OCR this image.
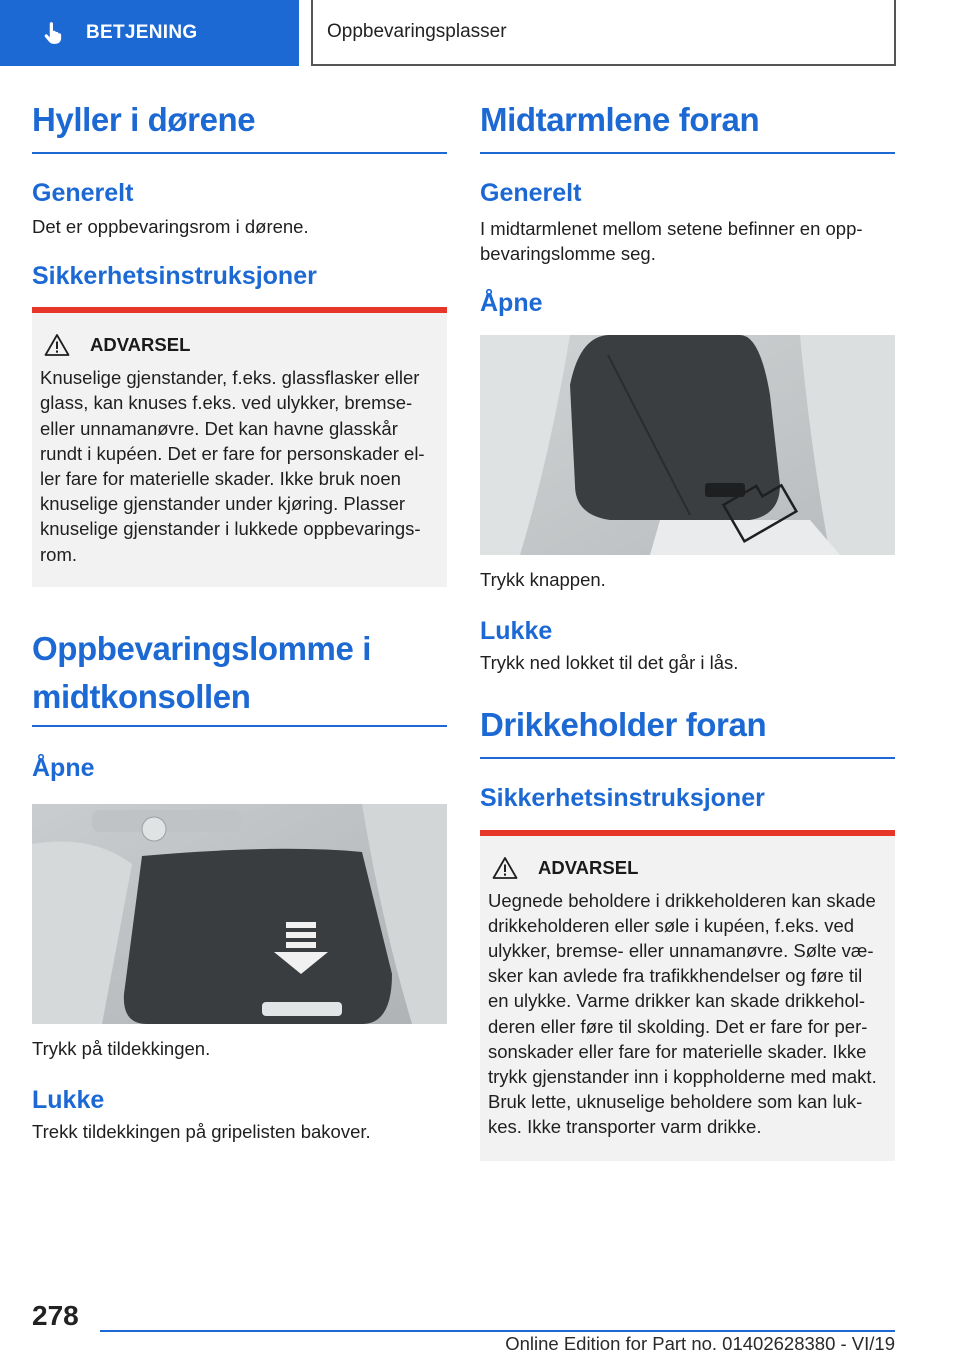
BETJENING	Oppbevaringsplasser
Hyller i dørene
Generelt
Det er oppbevaringsrom i dørene.
Sikkerhetsinstruksjoner
ADVARSEL
Knuselige gjenstander, f.eks. glassflasker eller glass, kan knuses f.eks. ved ulykker, bremse- eller unnamanøvre. Det kan havne glasskår rundt i kupéen. Det er fare for personskader el- ler fare for materielle skader. Ikke bruk noen knuselige gjenstander under kjøring. Plasser knuselige gjenstander i lukkede oppbevarings- rom.
Oppbevaringslomme i midtkonsollen
Åpne
Trykk på tildekkingen.
Lukke
Trekk tildekkingen på gripelisten bakover.
Midtarmlene foran
Generelt
I midtarmlenet mellom setene befinner en opp- bevaringslomme seg.
Åpne
Trykk knappen.
Lukke
Trykk ned lokket til det går i lås.
Drikkeholder foran
Sikkerhetsinstruksjoner
ADVARSEL
Uegnede beholdere i drikkeholderen kan skade drikkeholderen eller søle i kupéen, f.eks. ved ulykker, bremse- eller unnamanøvre. Sølte væ- sker kan avlede fra trafikkhendelser og føre til en ulykke. Varme drikker kan skade drikkehol- deren eller føre til skolding. Det er fare for per- sonskader eller fare for materielle skader. Ikke trykk gjenstander inn i koppholderne med makt. Bruk lette, uknuselige beholdere som kan luk- kes. Ikke transporter varm drikke.
278
Online Edition for Part no. 01402628380 - VI/19
